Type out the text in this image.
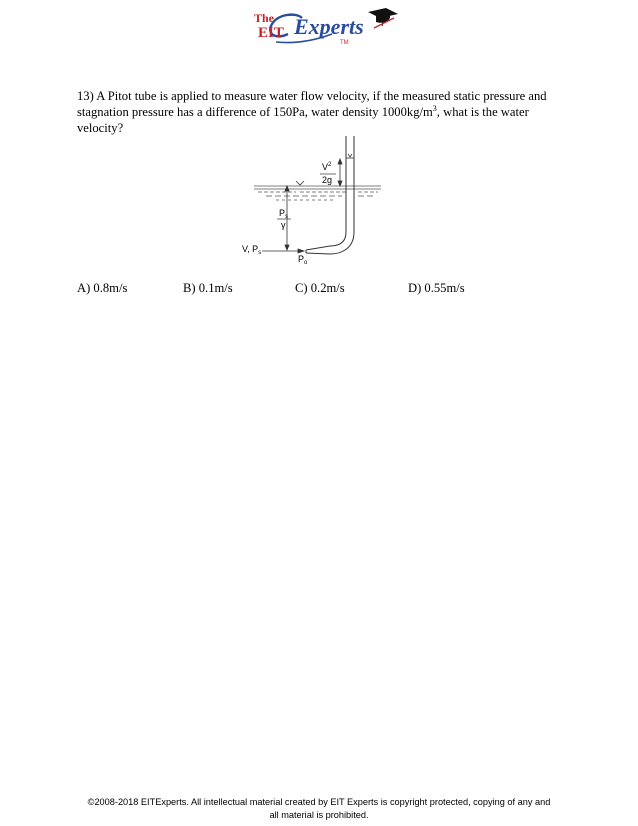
The
EIT Experts
TM
13) A Pitot tube is applied to measure water flow velocity, if the measured static pressure and stagnation pressure has a difference of 150Pa, water density $1000kg/m^3$, what is the water velocity?
$V^2$
2g
$P_s$
γ
V, $P_s$
$P_o$
A) 0.8m/s	B) 0.1m/s	C) 0.2m/s	D) 0.55m/s
©2008-2018 EITExperts. All intellectual material created by EIT Experts is copyright protected, copying of any and
all material is prohibited.
